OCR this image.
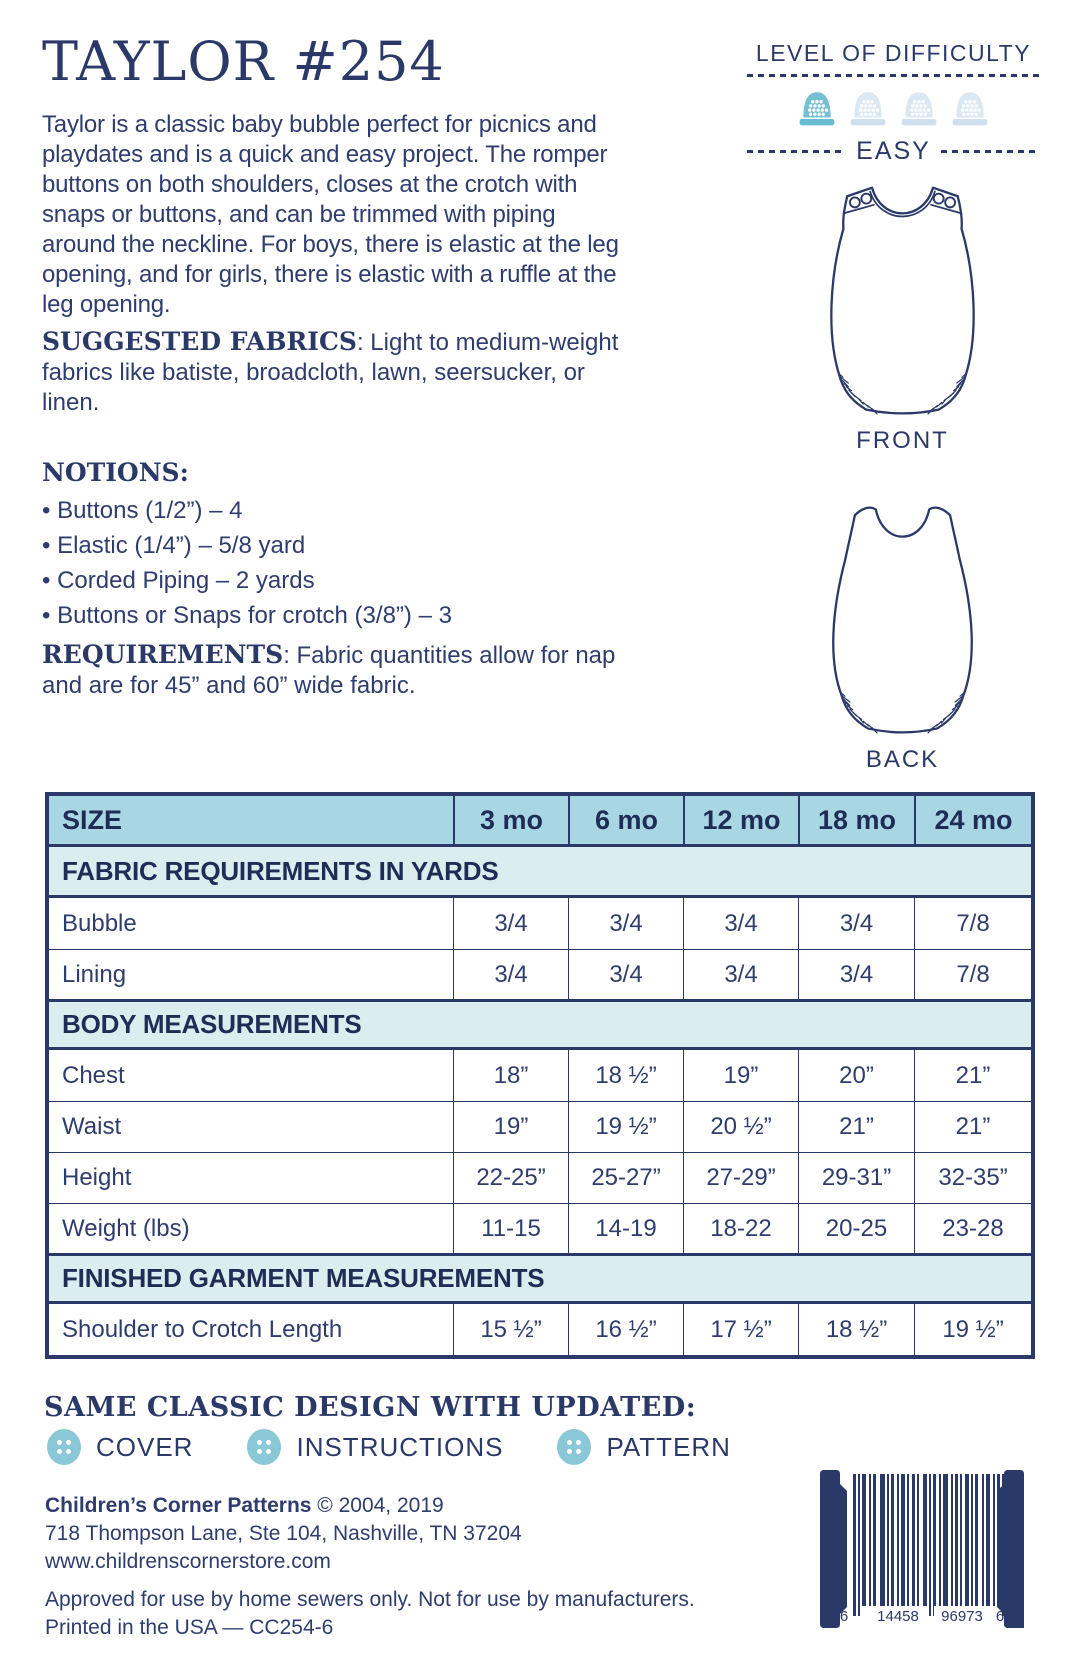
TAYLOR #254
Taylor is a classic baby bubble perfect for picnics and playdates and is a quick and easy project. The romper buttons on both shoulders, closes at the crotch with snaps or buttons, and can be trimmed with piping around the neckline. For boys, there is elastic at the leg opening, and for girls, there is elastic with a ruffle at the leg opening.
SUGGESTED FABRICS: Light to medium-weight fabrics like batiste, broadcloth, lawn, seersucker, or linen.
NOTIONS:
• Buttons (1/2”) – 4
• Elastic (1/4”) – 5/8 yard
• Corded Piping – 2 yards
• Buttons or Snaps for crotch (3/8”) – 3
REQUIREMENTS: Fabric quantities allow for nap and are for 45” and 60” wide fabric.
LEVEL OF DIFFICULTY
EASY
FRONT
BACK
SIZE	3 mo	6 mo	12 mo	18 mo	24 mo
FABRIC REQUIREMENTS IN YARDS
Bubble	3/4	3/4	3/4	3/4	7/8
Lining	3/4	3/4	3/4	3/4	7/8
BODY MEASUREMENTS
Chest	18”	18 ½”	19”	20”	21”
Waist	19”	19 ½”	20 ½”	21”	21”
Height	22-25”	25-27”	27-29”	29-31”	32-35”
Weight (lbs)	11-15	14-19	18-22	20-25	23-28
FINISHED GARMENT MEASUREMENTS
Shoulder to Crotch Length	15 ½”	16 ½”	17 ½”	18 ½”	19 ½”
SAME CLASSIC DESIGN WITH UPDATED:
COVER	INSTRUCTIONS	PATTERN
Children’s Corner Patterns © 2004, 2019
718 Thompson Lane, Ste 104, Nashville, TN 37204
www.childrenscornerstore.com
Approved for use by home sewers only. Not for use by manufacturers.
Printed in the USA — CC254-6	6 14458 96973 6
